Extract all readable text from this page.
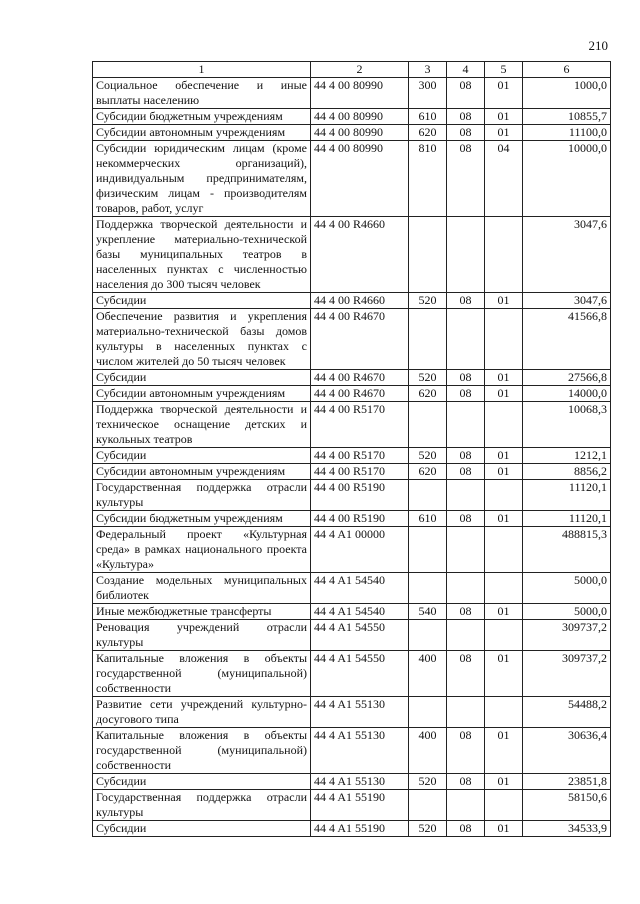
210
1	2	3	4	5	6
Социальное обеспечение и иные выплаты населению	44 4 00 80990	300	08	01	1000,0
Субсидии бюджетным учреждениям	44 4 00 80990	610	08	01	10855,7
Субсидии автономным учреждениям	44 4 00 80990	620	08	01	11100,0
Субсидии юридическим лицам (кроме некоммерческих организаций), индивидуальным предпринимателям, физическим лицам - производителям товаров, работ, услуг	44 4 00 80990	810	08	04	10000,0
Поддержка творческой деятельности и укрепление материально-технической базы муниципальных театров в населенных пунктах с численностью населения до 300 тысяч человек	44 4 00 R4660				3047,6
Субсидии	44 4 00 R4660	520	08	01	3047,6
Обеспечение развития и укрепления материально-технической базы домов культуры в населенных пунктах с числом жителей до 50 тысяч человек	44 4 00 R4670				41566,8
Субсидии	44 4 00 R4670	520	08	01	27566,8
Субсидии автономным учреждениям	44 4 00 R4670	620	08	01	14000,0
Поддержка творческой деятельности и техническое оснащение детских и кукольных театров	44 4 00 R5170				10068,3
Субсидии	44 4 00 R5170	520	08	01	1212,1
Субсидии автономным учреждениям	44 4 00 R5170	620	08	01	8856,2
Государственная поддержка отрасли культуры	44 4 00 R5190				11120,1
Субсидии бюджетным учреждениям	44 4 00 R5190	610	08	01	11120,1
Федеральный проект «Культурная среда» в рамках национального проекта «Культура»	44 4 A1 00000				488815,3
Создание модельных муниципальных библиотек	44 4 A1 54540				5000,0
Иные межбюджетные трансферты	44 4 A1 54540	540	08	01	5000,0
Реновация учреждений отрасли культуры	44 4 A1 54550				309737,2
Капитальные вложения в объекты государственной (муниципальной) собственности	44 4 A1 54550	400	08	01	309737,2
Развитие сети учреждений культурно-досугового типа	44 4 A1 55130				54488,2
Капитальные вложения в объекты государственной (муниципальной) собственности	44 4 A1 55130	400	08	01	30636,4
Субсидии	44 4 A1 55130	520	08	01	23851,8
Государственная поддержка отрасли культуры	44 4 A1 55190				58150,6
Субсидии	44 4 A1 55190	520	08	01	34533,9
